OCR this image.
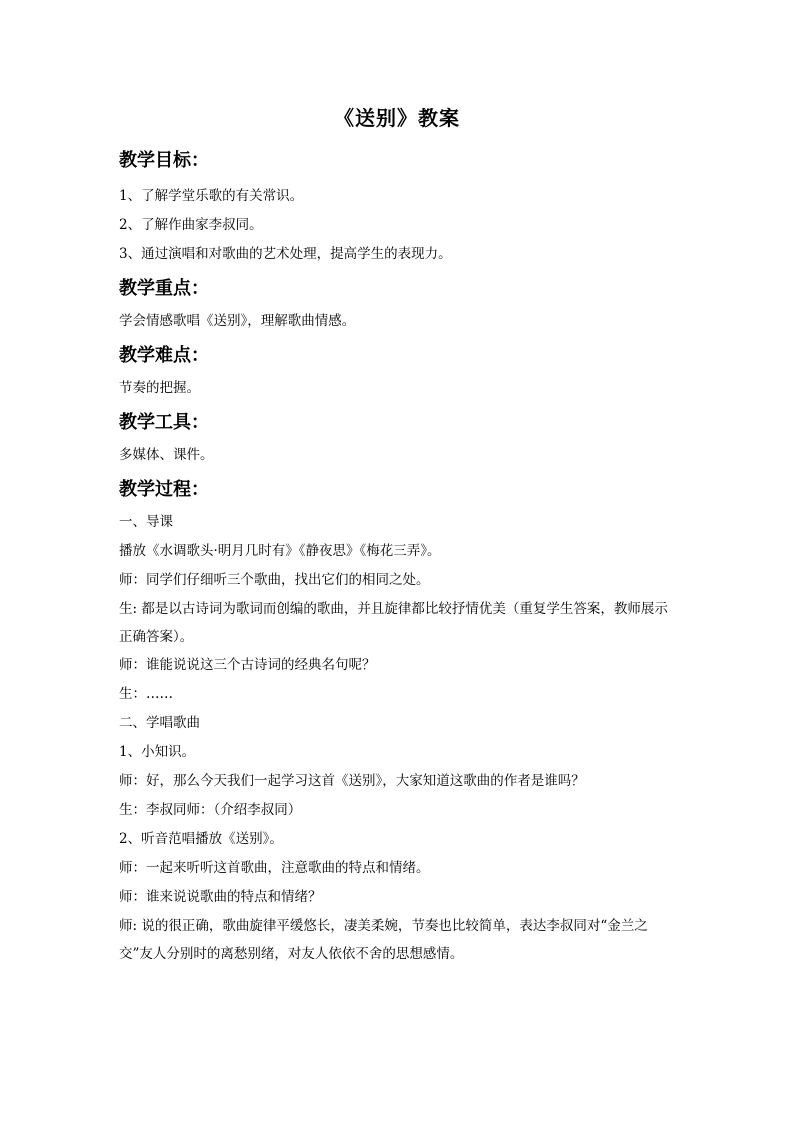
《送别》教案
教学目标：
1、了解学堂乐歌的有关常识。
2、了解作曲家李叔同。
3、通过演唱和对歌曲的艺术处理，提高学生的表现力。
教学重点：
学会情感歌唱《送别》，理解歌曲情感。
教学难点：
节奏的把握。
教学工具：
多媒体、课件。
教学过程：
一、导课
播放《水调歌头·明月几时有》《静夜思》《梅花三弄》。
师：同学们仔细听三个歌曲，找出它们的相同之处。
生: 都是以古诗词为歌词而创编的歌曲，并且旋律都比较抒情优美（重复学生答案，教师展示正确答案）。
师：谁能说说这三个古诗词的经典名句呢？
生：……
二、学唱歌曲
1、小知识。
师：好，那么今天我们一起学习这首《送别》，大家知道这歌曲的作者是谁吗？
生：李叔同师：（介绍李叔同）
2、听音范唱播放《送别》。
师：一起来听听这首歌曲，注意歌曲的特点和情绪。
师：谁来说说歌曲的特点和情绪？
师: 说的很正确，歌曲旋律平缓悠长，凄美柔婉，节奏也比较简单，表达李叔同对“金兰之交”友人分别时的离愁别绪，对友人依依不舍的思想感情。
